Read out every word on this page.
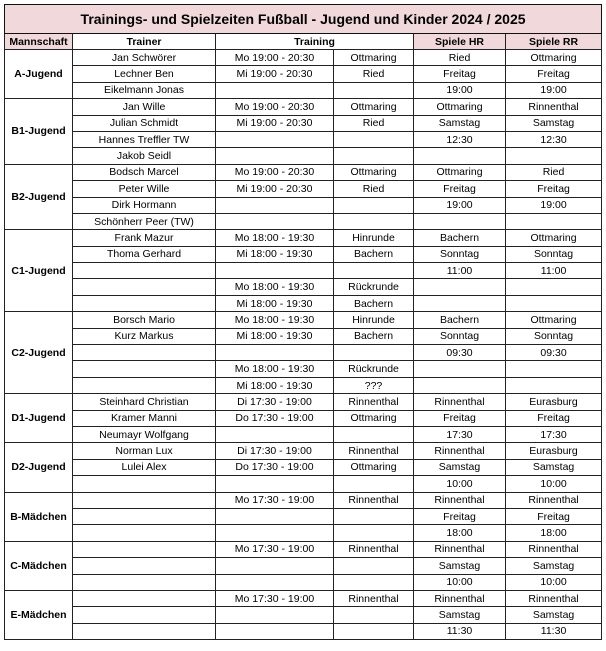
Trainings- und Spielzeiten Fußball - Jugend und Kinder 2024 / 2025					
Mannschaft	Trainer	Training		Spiele HR	Spiele RR
A-Jugend	Jan Schwörer	Mo 19:00 - 20:30	Ottmaring	Ried	Ottmaring
	Lechner Ben	Mi 19:00 - 20:30	Ried	Freitag	Freitag
	Eikelmann Jonas			19:00	19:00
B1-Jugend	Jan Wille	Mo 19:00 - 20:30	Ottmaring	Ottmaring	Rinnenthal
	Julian Schmidt	Mi 19:00 - 20:30	Ried	Samstag	Samstag
	Hannes Treffler TW			12:30	12:30
	Jakob Seidl				
B2-Jugend	Bodsch Marcel	Mo 19:00 - 20:30	Ottmaring	Ottmaring	Ried
	Peter Wille	Mi 19:00 - 20:30	Ried	Freitag	Freitag
	Dirk Hormann			19:00	19:00
	Schönherr Peer (TW)				
C1-Jugend	Frank Mazur	Mo 18:00 - 19:30	Hinrunde	Bachern	Ottmaring
	Thoma Gerhard	Mi 18:00 - 19:30	Bachern	Sonntag	Sonntag
				11:00	11:00
		Mo 18:00 - 19:30	Rückrunde		
		Mi 18:00 - 19:30	Bachern		
C2-Jugend	Borsch Mario	Mo 18:00 - 19:30	Hinrunde	Bachern	Ottmaring
	Kurz Markus	Mi 18:00 - 19:30	Bachern	Sonntag	Sonntag
				09:30	09:30
		Mo 18:00 - 19:30	Rückrunde		
		Mi 18:00 - 19:30	???		
D1-Jugend	Steinhard Christian	Di 17:30 - 19:00	Rinnenthal	Rinnenthal	Eurasburg
	Kramer Manni	Do 17:30 - 19:00	Ottmaring	Freitag	Freitag
	Neumayr Wolfgang			17:30	17:30
D2-Jugend	Norman Lux	Di 17:30 - 19:00	Rinnenthal	Rinnenthal	Eurasburg
	Lulei Alex	Do 17:30 - 19:00	Ottmaring	Samstag	Samstag
				10:00	10:00
B-Mädchen		Mo 17:30 - 19:00	Rinnenthal	Rinnenthal	Rinnenthal
				Freitag	Freitag
				18:00	18:00
C-Mädchen		Mo 17:30 - 19:00	Rinnenthal	Rinnenthal	Rinnenthal
				Samstag	Samstag
				10:00	10:00
E-Mädchen		Mo 17:30 - 19:00	Rinnenthal	Rinnenthal	Rinnenthal
				Samstag	Samstag
				11:30	11:30
